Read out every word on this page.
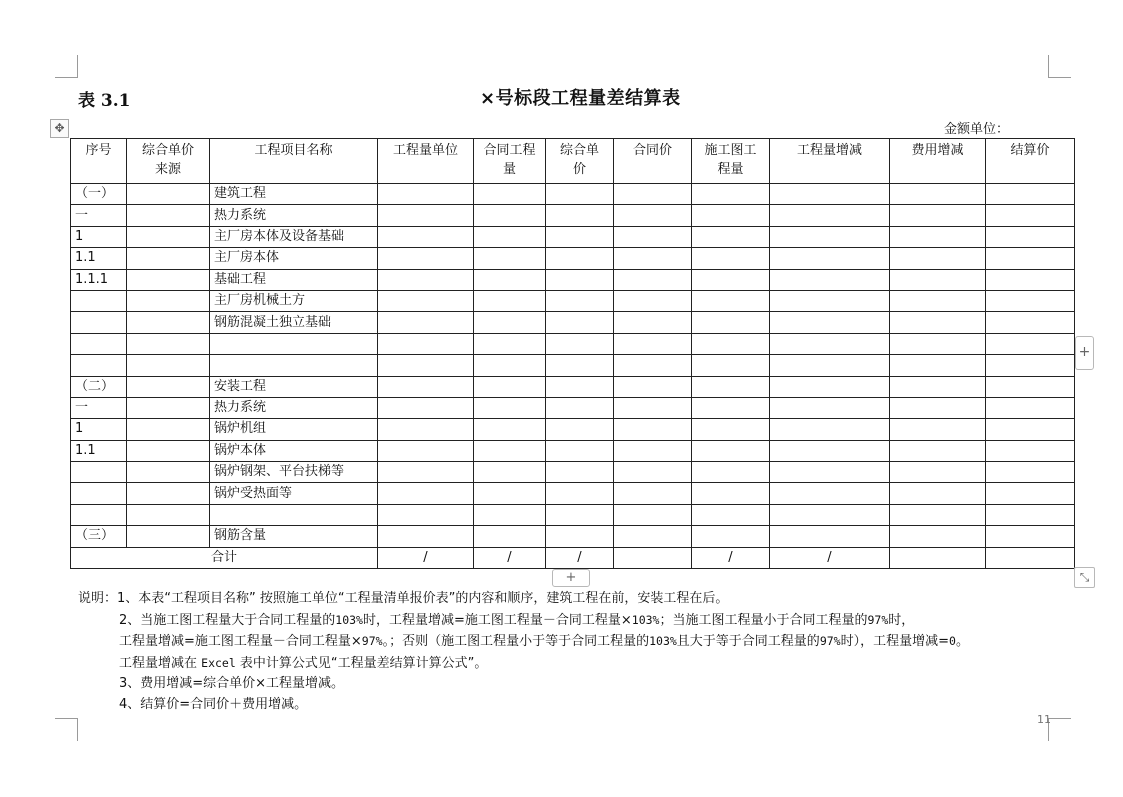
表 3.1	×号标段工程量差结算表
金额单位：
✥
序号	综合单价来源	工程项目名称	工程量单位	合同工程量	综合单价	合同价	施工图工程量	工程量增减	费用增减	结算价
（一）		建筑工程								
一		热力系统								
1		主厂房本体及设备基础								
1.1		主厂房本体								
1.1.1		基础工程								
		主厂房机械土方								
		钢筋混凝土独立基础								

（二）		安装工程								
一		热力系统								
1		锅炉机组								
1.1		锅炉本体								
		锅炉钢架、平台扶梯等								
		锅炉受热面等								

（三）		钢筋含量								
合计			/	/	/		/	/		
+
+	⤡
说明：1、本表“工程项目名称” 按照施工单位“工程量清单报价表”的内容和顺序，建筑工程在前，安装工程在后。
2、当施工图工程量大于合同工程量的103%时，工程量增减=施工图工程量－合同工程量×103%；当施工图工程量小于合同工程量的97%时，
工程量增减=施工图工程量－合同工程量×97%。；否则（施工图工程量小于等于合同工程量的103%且大于等于合同工程量的97%时），工程量增减=0。
工程量增减在 Excel 表中计算公式见“工程量差结算计算公式”。
3、费用增减=综合单价×工程量增减。
4、结算价=合同价＋费用增减。
11
